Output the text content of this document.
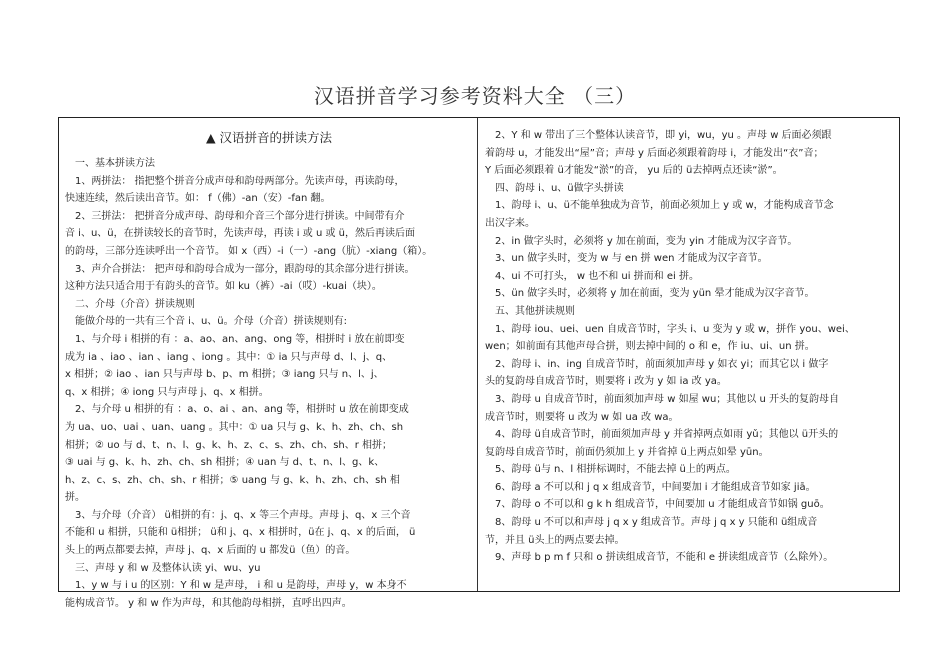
汉语拼音学习参考资料大全 （三）
▲ 汉语拼音的拼读方法
一、基本拼读方法
1、两拼法： 指把整个拼音分成声母和韵母两部分。先读声母，再读韵母，
快速连续，然后读出音节。如： f（佛）-an（安）-fan 翻。
2、三拼法： 把拼音分成声母、韵母和介音三个部分进行拼读。中间带有介
音 i、u、ü，在拼读较长的音节时，先读声母，再读 i 或 u 或 ü，然后再读后面
的韵母，三部分连读呼出一个音节。 如 x（西）-i（一）-ang（肮）-xiang（箱）。
3、声介合拼法： 把声母和韵母合成为一部分，跟韵母的其余部分进行拼读。
这种方法只适合用于有韵头的音节。如 ku（裤）-ai（哎）-kuai（块）。
二、介母（介音）拼读规则
能做介母的一共有三个音 i、u、ü。介母（介音）拼读规则有:
1、与介母 i 相拼的有 ：a、ao、an、ang、ong 等，相拼时 i 放在前即变
成为 ia 、iao 、ian 、iang 、iong 。其中：① ia 只与声母 d、l、j、q、
x 相拼；② iao 、ian 只与声母 b、p、m 相拼；③ iang 只与 n、l、j、
q、x 相拼；④ iong 只与声母 j、q、x 相拼。
2、与介母 u 相拼的有 ：a、o、ai 、an、ang 等，相拼时 u 放在前即变成
为 ua、uo、uai 、uan、uang 。其中：① ua 只与 g、k、h、zh、ch、sh
相拼；② uo 与 d、t、n、l、g、k、h、z、c、s、zh、ch、sh、r 相拼；
③ uai 与 g、k、h、zh、ch、sh 相拼；④ uan 与 d、t、n、l、g、k、
h、z、c、s、zh、ch、sh、r 相拼；⑤ uang 与 g、k、h、zh、ch、sh 相
拼。
3、与介母（介音） ü相拼的有：j、q、x 等三个声母。声母 j、q、x 三个音
不能和 u 相拼，只能和 ü相拼； ü和 j、q、x 相拼时，ü在 j、q、x 的后面， ü
头上的两点都要去掉，声母 j、q、x 后面的 u 都发ü（鱼）的音。
三、声母 y 和 w 及整体认读 yi、wu、yu
1、y w 与 i u 的区别：Y 和 w 是声母， i 和 u 是韵母，声母 y，w 本身不
能构成音节。 y 和 w 作为声母，和其他韵母相拼，直呼出四声。
2、Y 和 w 带出了三个整体认读音节，即 yi，wu，yu 。声母 w 后面必须跟
着韵母 u，才能发出“屋”音；声母 y 后面必须跟着韵母 i，才能发出“衣”音；
Y 后面必须跟着 ü才能发“淤”的音， yu 后的 ü去掉两点还读“淤”。
四、韵母 i、u、ü做字头拼读
1、韵母 i、u、ü不能单独成为音节，前面必须加上 y 或 w，才能构成音节念
出汉字来。
2、in 做字头时，必须将 y 加在前面，变为 yin 才能成为汉字音节。
3、un 做字头时，变为 w 与 en 拼 wen 才能成为汉字音节。
4、ui 不可打头， w 也不和 ui 拼而和 ei 拼。
5、ün 做字头时，必须将 y 加在前面，变为 yün 晕才能成为汉字音节。
五、其他拼读规则
1、韵母 iou、uei、uen 自成音节时，字头 i、u 变为 y 或 w，拼作 you、wei、
wen；如前面有其他声母合拼，则去掉中间的 o 和 e，作 iu、ui、un 拼。
2、韵母 i、in、ing 自成音节时，前面须加声母 y 如衣 yi；而其它以 i 做字
头的复韵母自成音节时，则要将 i 改为 y 如 ia 改 ya。
3、韵母 u 自成音节时，前面须加声母 w 如屋 wu；其他以 u 开头的复韵母自
成音节时，则要将 u 改为 w 如 ua 改 wa。
4、韵母 ü自成音节时，前面须加声母 y 并省掉两点如雨 yǔ；其他以 ü开头的
复韵母自成音节时，前面仍须加上 y 并省掉 ü上两点如晕 yūn。
5、韵母 ü与 n、l 相拼标调时，不能去掉 ü上的两点。
6、韵母 a 不可以和 j q x 组成音节，中间要加 i 才能组成音节如家 jiā。
7、韵母 o 不可以和 g k h 组成音节，中间要加 u 才能组成音节如锅 guō。
8、韵母 u 不可以和声母 j q x y 组成音节。声母 j q x y 只能和 ü组成音
节，并且 ü头上的两点要去掉。
9、声母 b p m f 只和 o 拼读组成音节，不能和 e 拼读组成音节（么除外）。
